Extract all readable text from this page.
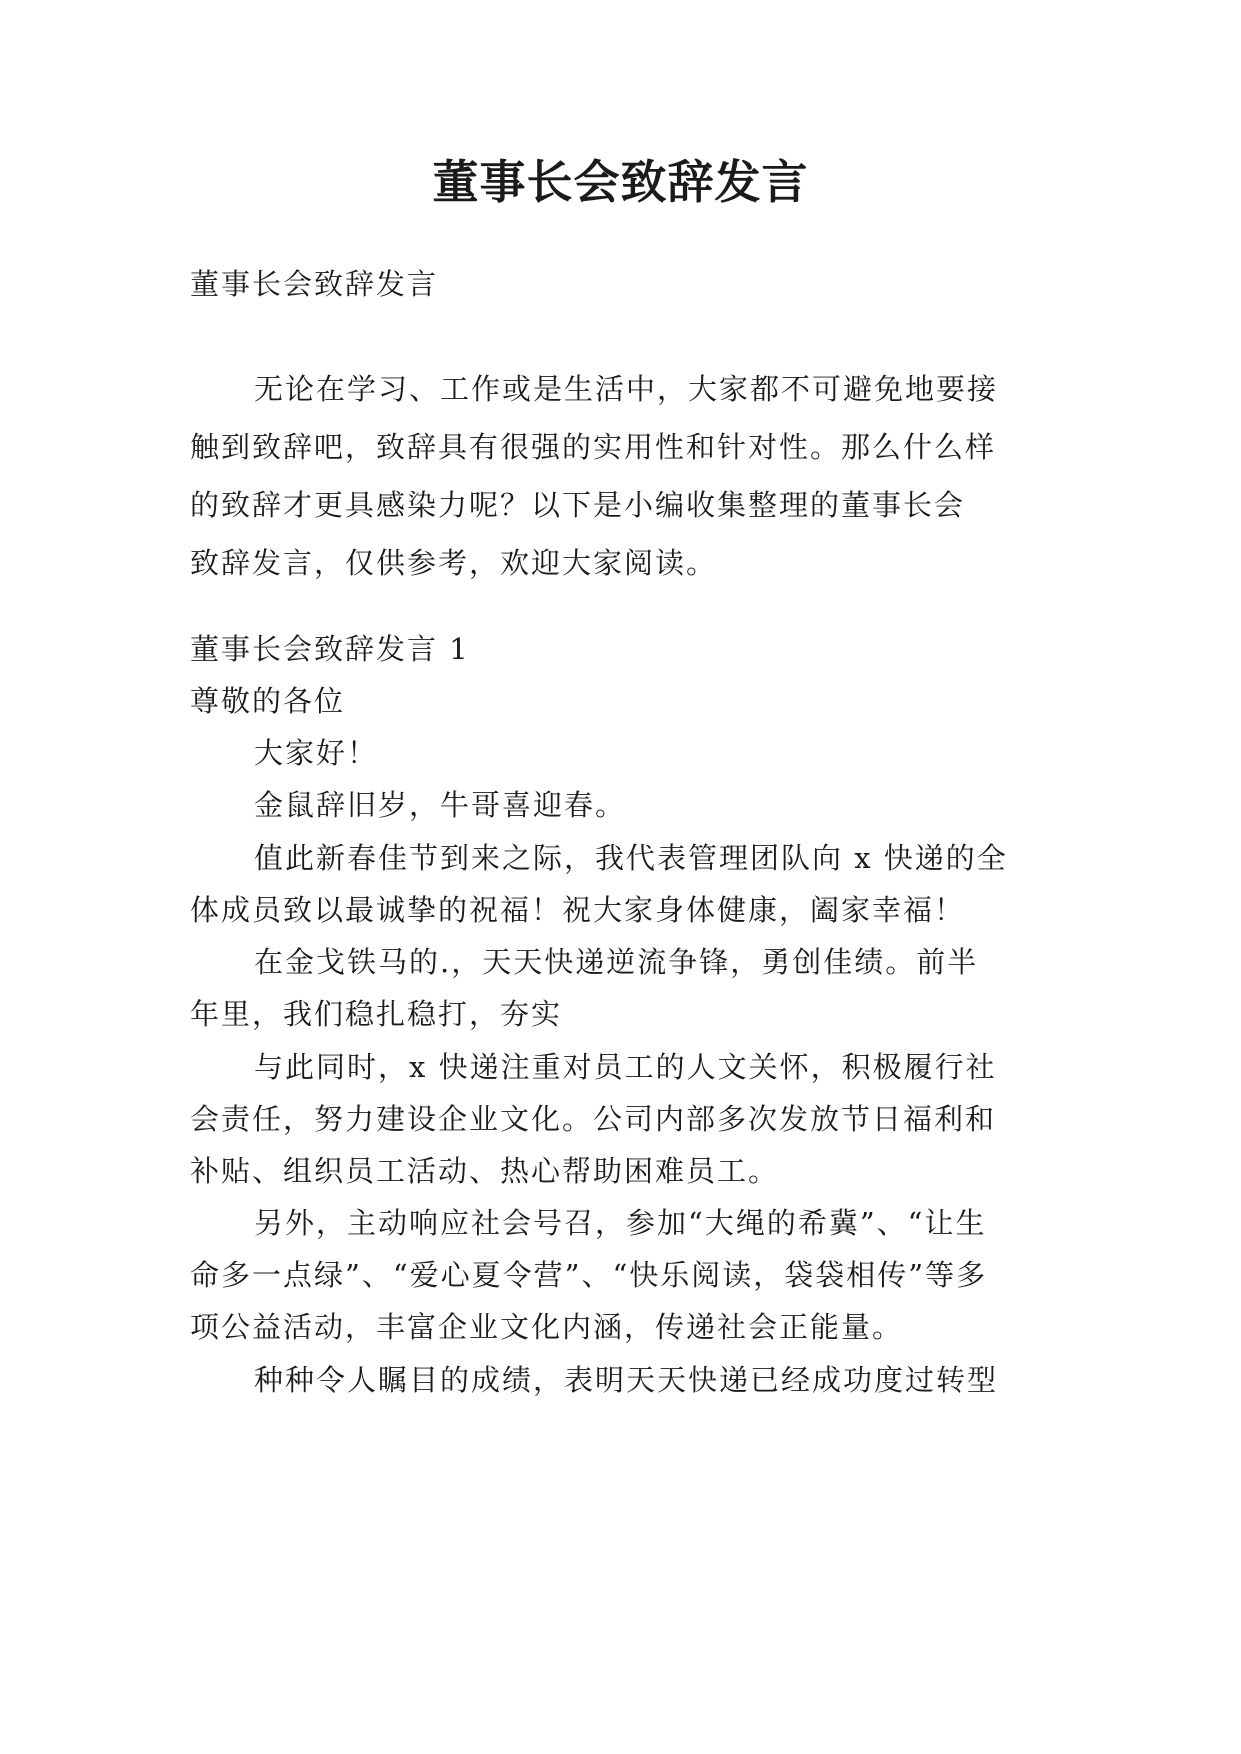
董事长会致辞发言

董事长会致辞发言

无论在学习、工作或是生活中，大家都不可避免地要接

触到致辞吧，致辞具有很强的实用性和针对性。那么什么样

的致辞才更具感染力呢？以下是小编收集整理的董事长会

致辞发言，仅供参考，欢迎大家阅读。

董事长会致辞发言 1

尊敬的各位

大家好！

金鼠辞旧岁，牛哥喜迎春。

值此新春佳节到来之际，我代表管理团队向 x 快递的全

体成员致以最诚挚的祝福！祝大家身体健康，阖家幸福！

在金戈铁马的.，天天快递逆流争锋，勇创佳绩。前半

年里，我们稳扎稳打，夯实

与此同时，x 快递注重对员工的人文关怀，积极履行社

会责任，努力建设企业文化。公司内部多次发放节日福利和

补贴、组织员工活动、热心帮助困难员工。

另外，主动响应社会号召，参加“大绳的希冀”、“让生

命多一点绿”、“爱心夏令营”、“快乐阅读，袋袋相传”等多

项公益活动，丰富企业文化内涵，传递社会正能量。

种种令人瞩目的成绩，表明天天快递已经成功度过转型
